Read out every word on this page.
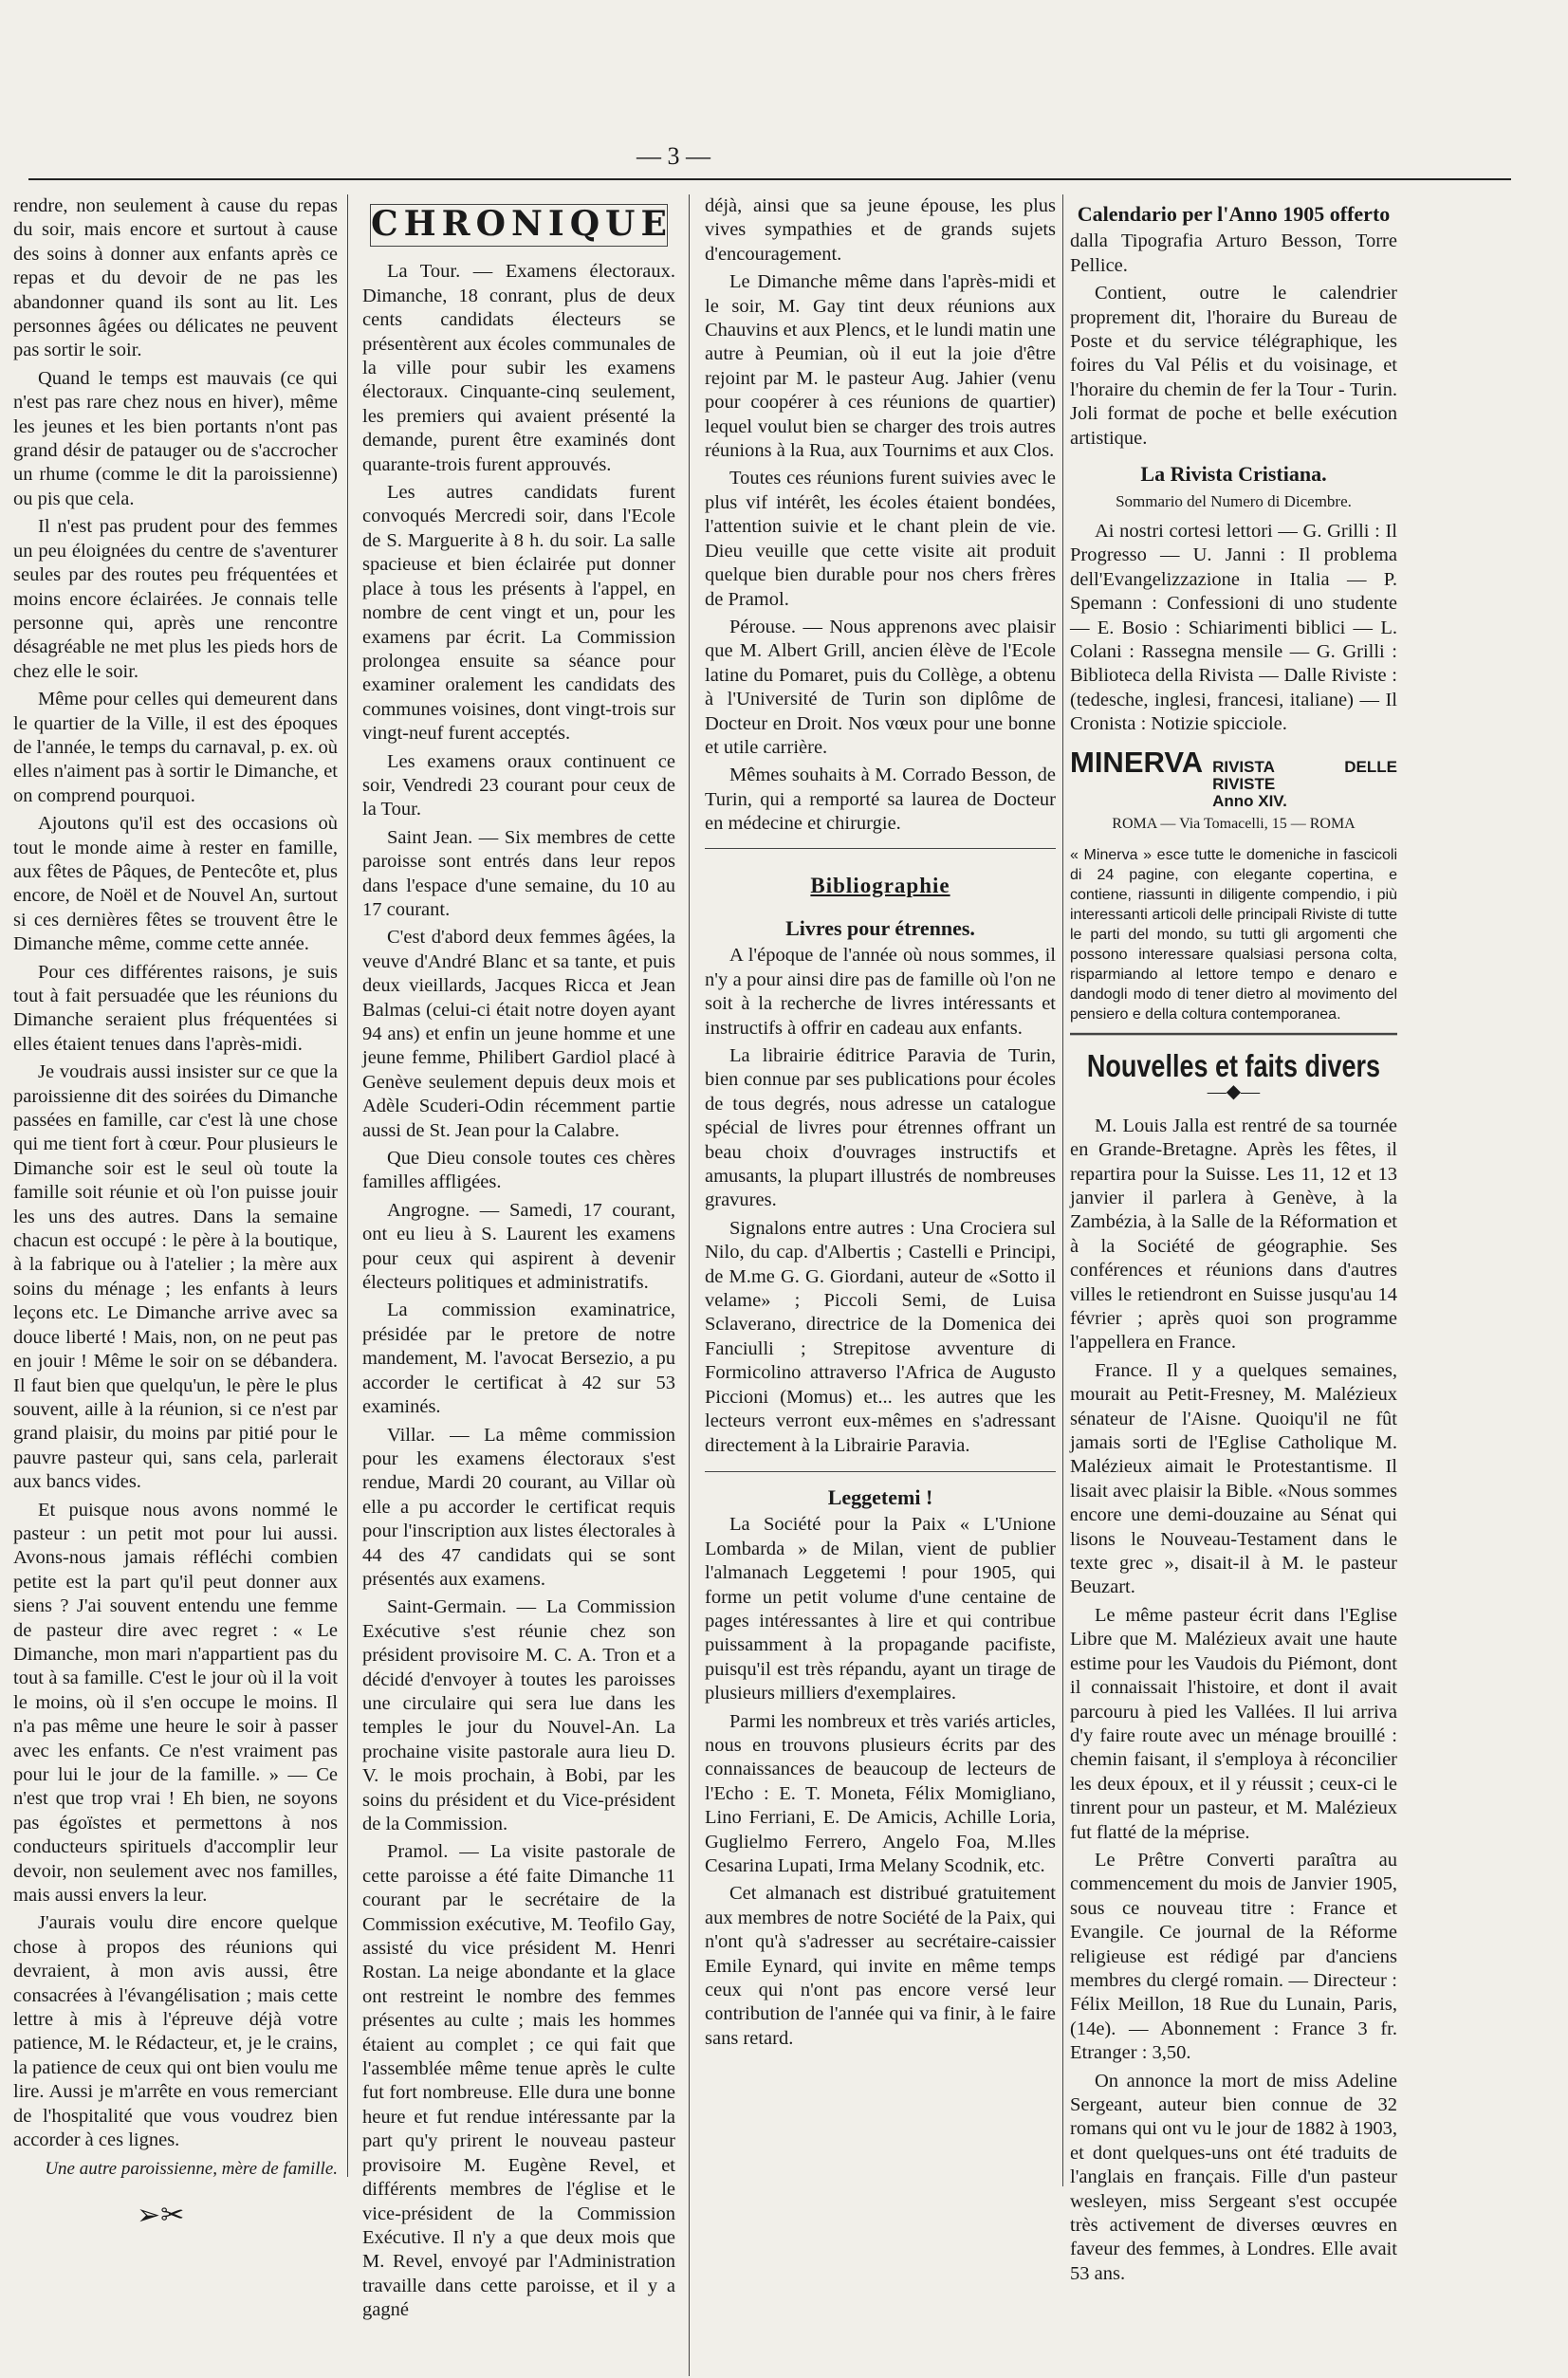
— 3 —

rendre, non seulement à cause du repas du soir, mais encore et surtout à cause des soins à donner aux enfants après ce repas et du devoir de ne pas les abandonner quand ils sont au lit. Les personnes âgées ou délicates ne peuvent pas sortir le soir.

Quand le temps est mauvais (ce qui n'est pas rare chez nous en hiver), même les jeunes et les bien portants n'ont pas grand désir de patauger ou de s'accrocher un rhume (comme le dit la paroissienne) ou pis que cela.

Il n'est pas prudent pour des femmes un peu éloignées du centre de s'aventurer seules par des routes peu fréquentées et moins encore éclairées. Je connais telle personne qui, après une rencontre désagréable ne met plus les pieds hors de chez elle le soir.

Même pour celles qui demeurent dans le quartier de la Ville, il est des époques de l'année, le temps du carnaval, p. ex. où elles n'aiment pas à sortir le Dimanche, et on comprend pourquoi.

Ajoutons qu'il est des occasions où tout le monde aime à rester en famille, aux fêtes de Pâques, de Pentecôte et, plus encore, de Noël et de Nouvel An, surtout si ces dernières fêtes se trouvent être le Dimanche même, comme cette année.

Pour ces différentes raisons, je suis tout à fait persuadée que les réunions du Dimanche seraient plus fréquentées si elles étaient tenues dans l'après-midi.

Je voudrais aussi insister sur ce que la paroissienne dit des soirées du Dimanche passées en famille, car c'est là une chose qui me tient fort à cœur. Pour plusieurs le Dimanche soir est le seul où toute la famille soit réunie et où l'on puisse jouir les uns des autres. Dans la semaine chacun est occupé : le père à la boutique, à la fabrique ou à l'atelier ; la mère aux soins du ménage ; les enfants à leurs leçons etc. Le Dimanche arrive avec sa douce liberté ! Mais, non, on ne peut pas en jouir ! Même le soir on se débandera. Il faut bien que quelqu'un, le père le plus souvent, aille à la réunion, si ce n'est par grand plaisir, du moins par pitié pour le pauvre pasteur qui, sans cela, parlerait aux bancs vides.

Et puisque nous avons nommé le pasteur : un petit mot pour lui aussi. Avons-nous jamais réfléchi combien petite est la part qu'il peut donner aux siens ? J'ai souvent entendu une femme de pasteur dire avec regret : « Le Dimanche, mon mari n'appartient pas du tout à sa famille. C'est le jour où il la voit le moins, où il s'en occupe le moins. Il n'a pas même une heure le soir à passer avec les enfants. Ce n'est vraiment pas pour lui le jour de la famille. » — Ce n'est que trop vrai ! Eh bien, ne soyons pas égoïstes et permettons à nos conducteurs spirituels d'accomplir leur devoir, non seulement avec nos familles, mais aussi envers la leur.

J'aurais voulu dire encore quelque chose à propos des réunions qui devraient, à mon avis aussi, être consacrées à l'évangélisation ; mais cette lettre à mis à l'épreuve déjà votre patience, M. le Rédacteur, et, je le crains, la patience de ceux qui ont bien voulu me lire. Aussi je m'arrête en vous remerciant de l'hospitalité que vous voudrez bien accorder à ces lignes.

Une autre paroissienne, mère de famille.

➢✂
CHRONIQUE

La Tour. — Examens électoraux. Dimanche, 18 conrant, plus de deux cents candidats électeurs se présentèrent aux écoles communales de la ville pour subir les examens électoraux. Cinquante-cinq seulement, les premiers qui avaient présenté la demande, purent être examinés dont quarante-trois furent approuvés.

Les autres candidats furent convoqués Mercredi soir, dans l'Ecole de S. Marguerite à 8 h. du soir. La salle spacieuse et bien éclairée put donner place à tous les présents à l'appel, en nombre de cent vingt et un, pour les examens par écrit. La Commission prolongea ensuite sa séance pour examiner oralement les candidats des communes voisines, dont vingt-trois sur vingt-neuf furent acceptés.

Les examens oraux continuent ce soir, Vendredi 23 courant pour ceux de la Tour.

Saint Jean. — Six membres de cette paroisse sont entrés dans leur repos dans l'espace d'une semaine, du 10 au 17 courant.

C'est d'abord deux femmes âgées, la veuve d'André Blanc et sa tante, et puis deux vieillards, Jacques Ricca et Jean Balmas (celui-ci était notre doyen ayant 94 ans) et enfin un jeune homme et une jeune femme, Philibert Gardiol placé à Genève seulement depuis deux mois et Adèle Scuderi-Odin récemment partie aussi de St. Jean pour la Calabre.

Que Dieu console toutes ces chères familles affligées.

Angrogne. — Samedi, 17 courant, ont eu lieu à S. Laurent les examens pour ceux qui aspirent à devenir électeurs politiques et administratifs.

La commission examinatrice, présidée par le pretore de notre mandement, M. l'avocat Bersezio, a pu accorder le certificat à 42 sur 53 examinés.

Villar. — La même commission pour les examens électoraux s'est rendue, Mardi 20 courant, au Villar où elle a pu accorder le certificat requis pour l'inscription aux listes électorales à 44 des 47 candidats qui se sont présentés aux examens.

Saint-Germain. — La Commission Exécutive s'est réunie chez son président provisoire M. C. A. Tron et a décidé d'envoyer à toutes les paroisses une circulaire qui sera lue dans les temples le jour du Nouvel-An. La prochaine visite pastorale aura lieu D. V. le mois prochain, à Bobi, par les soins du président et du Vice-président de la Commission.

Pramol. — La visite pastorale de cette paroisse a été faite Dimanche 11 courant par le secrétaire de la Commission exécutive, M. Teofilo Gay, assisté du vice président M. Henri Rostan. La neige abondante et la glace ont restreint le nombre des femmes présentes au culte ; mais les hommes étaient au complet ; ce qui fait que l'assemblée même tenue après le culte fut fort nombreuse. Elle dura une bonne heure et fut rendue intéressante par la part qu'y prirent le nouveau pasteur provisoire M. Eugène Revel, et différents membres de l'église et le vice-président de la Commission Exécutive. Il n'y a que deux mois que M. Revel, envoyé par l'Administration travaille dans cette paroisse, et il y a gagné

déjà, ainsi que sa jeune épouse, les plus vives sympathies et de grands sujets d'encouragement.

Le Dimanche même dans l'après-midi et le soir, M. Gay tint deux réunions aux Chauvins et aux Plencs, et le lundi matin une autre à Peumian, où il eut la joie d'être rejoint par M. le pasteur Aug. Jahier (venu pour coopérer à ces réunions de quartier) lequel voulut bien se charger des trois autres réunions à la Rua, aux Tournims et aux Clos.

Toutes ces réunions furent suivies avec le plus vif intérêt, les écoles étaient bondées, l'attention suivie et le chant plein de vie. Dieu veuille que cette visite ait produit quelque bien durable pour nos chers frères de Pramol.

Pérouse. — Nous apprenons avec plaisir que M. Albert Grill, ancien élève de l'Ecole latine du Pomaret, puis du Collège, a obtenu à l'Université de Turin son diplôme de Docteur en Droit. Nos vœux pour une bonne et utile carrière.

Mêmes souhaits à M. Corrado Besson, de Turin, qui a remporté sa laurea de Docteur en médecine et chirurgie.

Bibliographie
Livres pour étrennes.

A l'époque de l'année où nous sommes, il n'y a pour ainsi dire pas de famille où l'on ne soit à la recherche de livres intéressants et instructifs à offrir en cadeau aux enfants.

La librairie éditrice Paravia de Turin, bien connue par ses publications pour écoles de tous degrés, nous adresse un catalogue spécial de livres pour étrennes offrant un beau choix d'ouvrages instructifs et amusants, la plupart illustrés de nombreuses gravures.

Signalons entre autres : Una Crociera sul Nilo, du cap. d'Albertis ; Castelli e Principi, de M.me G. G. Giordani, auteur de «Sotto il velame» ; Piccoli Semi, de Luisa Sclaverano, directrice de la Domenica dei Fanciulli ; Strepitose avventure di Formicolino attraverso l'Africa de Augusto Piccioni (Momus) et... les autres que les lecteurs verront eux-mêmes en s'adressant directement à la Librairie Paravia.

Leggetemi !

La Société pour la Paix « L'Unione Lombarda » de Milan, vient de publier l'almanach Leggetemi ! pour 1905, qui forme un petit volume d'une centaine de pages intéressantes à lire et qui contribue puissamment à la propagande pacifiste, puisqu'il est très répandu, ayant un tirage de plusieurs milliers d'exemplaires.

Parmi les nombreux et très variés articles, nous en trouvons plusieurs écrits par des connaissances de beaucoup de lecteurs de l'Echo : E. T. Moneta, Félix Momigliano, Lino Ferriani, E. De Amicis, Achille Loria, Guglielmo Ferrero, Angelo Foa, M.lles Cesarina Lupati, Irma Melany Scodnik, etc.

Cet almanach est distribué gratuitement aux membres de notre Société de la Paix, qui n'ont qu'à s'adresser au secrétaire-caissier Emile Eynard, qui invite en même temps ceux qui n'ont pas encore versé leur contribution de l'année qui va finir, à le faire sans retard.

Calendario per l'Anno 1905 offerto

dalla Tipografia Arturo Besson, Torre Pellice.

Contient, outre le calendrier proprement dit, l'horaire du Bureau de Poste et du service télégraphique, les foires du Val Pélis et du voisinage, et l'horaire du chemin de fer la Tour - Turin. Joli format de poche et belle exécution artistique.

La Rivista Cristiana.
Sommario del Numero di Dicembre.

Ai nostri cortesi lettori — G. Grilli : Il Progresso — U. Janni : Il problema dell'Evangelizzazione in Italia — P. Spemann : Confessioni di uno studente — E. Bosio : Schiarimenti biblici — L. Colani : Rassegna mensile — G. Grilli : Biblioteca della Rivista — Dalle Riviste : (tedesche, inglesi, francesi, italiane) — Il Cronista : Notizie spicciole.

MINERVA RIVISTA DELLE RIVISTE
Anno XIV.
ROMA — Via Tomacelli, 15 — ROMA
« Minerva » esce tutte le domeniche in fascicoli di 24 pagine, con elegante copertina, e contiene, riassunti in diligente compendio, i più interessanti articoli delle principali Riviste di tutte le parti del mondo, su tutti gli argomenti che possono interessare qualsiasi persona colta, risparmiando al lettore tempo e denaro e dandogli modo di tener dietro al movimento del pensiero e della coltura contemporanea.
Nouvelles et faits divers
—◆—

M. Louis Jalla est rentré de sa tournée en Grande-Bretagne. Après les fêtes, il repartira pour la Suisse. Les 11, 12 et 13 janvier il parlera à Genève, à la Zambézia, à la Salle de la Réformation et à la Société de géographie. Ses conférences et réunions dans d'autres villes le retiendront en Suisse jusqu'au 14 février ; après quoi son programme l'appellera en France.

France. Il y a quelques semaines, mourait au Petit-Fresney, M. Malézieux sénateur de l'Aisne. Quoiqu'il ne fût jamais sorti de l'Eglise Catholique M. Malézieux aimait le Protestantisme. Il lisait avec plaisir la Bible. «Nous sommes encore une demi-douzaine au Sénat qui lisons le Nouveau-Testament dans le texte grec », disait-il à M. le pasteur Beuzart.

Le même pasteur écrit dans l'Eglise Libre que M. Malézieux avait une haute estime pour les Vaudois du Piémont, dont il connaissait l'histoire, et dont il avait parcouru à pied les Vallées. Il lui arriva d'y faire route avec un ménage brouillé : chemin faisant, il s'employa à réconcilier les deux époux, et il y réussit ; ceux-ci le tinrent pour un pasteur, et M. Malézieux fut flatté de la méprise.

Le Prêtre Converti paraîtra au commencement du mois de Janvier 1905, sous ce nouveau titre : France et Evangile. Ce journal de la Réforme religieuse est rédigé par d'anciens membres du clergé romain. — Directeur : Félix Meillon, 18 Rue du Lunain, Paris, (14e). — Abonnement : France 3 fr. Etranger : 3,50.

On annonce la mort de miss Adeline Sergeant, auteur bien connue de 32 romans qui ont vu le jour de 1882 à 1903, et dont quelques-uns ont été traduits de l'anglais en français. Fille d'un pasteur wesleyen, miss Sergeant s'est occupée très activement de diverses œuvres en faveur des femmes, à Londres. Elle avait 53 ans.
